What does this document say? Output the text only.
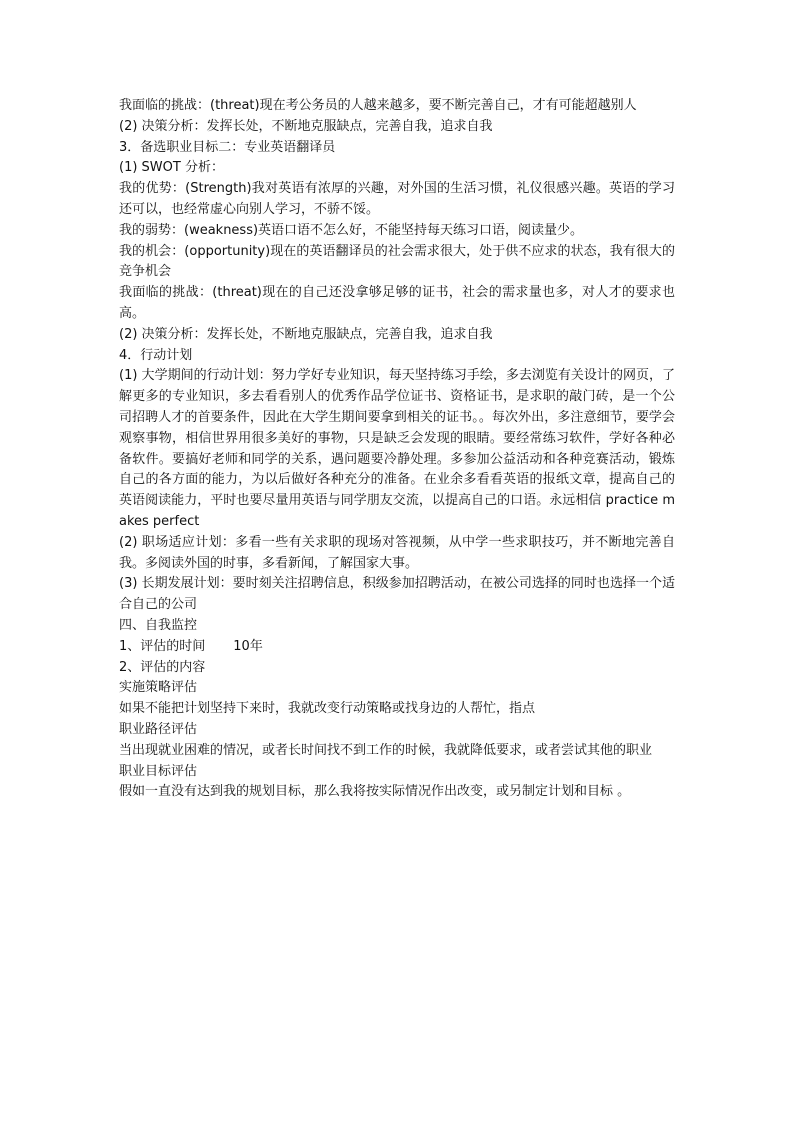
我面临的挑战：(threat)现在考公务员的人越来越多，要不断完善自己，才有可能超越别人

(2) 决策分析：发挥长处，不断地克服缺点，完善自我，追求自我

3．备选职业目标二：专业英语翻译员

(1) SWOT 分析：

我的优势：(Strength)我对英语有浓厚的兴趣，对外国的生活习惯，礼仪很感兴趣。英语的学习还可以，也经常虚心向别人学习，不骄不馁。

我的弱势：(weakness)英语口语不怎么好，不能坚持每天练习口语，阅读量少。

我的机会：(opportunity)现在的英语翻译员的社会需求很大，处于供不应求的状态，我有很大的竞争机会

我面临的挑战：(threat)现在的自己还没拿够足够的证书，社会的需求量也多，对人才的要求也高。

(2) 决策分析：发挥长处，不断地克服缺点，完善自我，追求自我

4．行动计划

(1) 大学期间的行动计划：努力学好专业知识，每天坚持练习手绘，多去浏览有关设计的网页，了解更多的专业知识，多去看看别人的优秀作品学位证书、资格证书，是求职的敲门砖，是一个公司招聘人才的首要条件，因此在大学生期间要拿到相关的证书。。每次外出，多注意细节，要学会观察事物，相信世界用很多美好的事物，只是缺乏会发现的眼睛。要经常练习软件，学好各种必备软件。要搞好老师和同学的关系，遇问题要冷静处理。多参加公益活动和各种竞赛活动，锻炼自己的各方面的能力，为以后做好各种充分的准备。在业余多看看英语的报纸文章，提高自己的英语阅读能力，平时也要尽量用英语与同学朋友交流，以提高自己的口语。永远相信 practice makes perfect

(2) 职场适应计划：多看一些有关求职的现场对答视频，从中学一些求职技巧，并不断地完善自我。多阅读外国的时事，多看新闻，了解国家大事。

(3) 长期发展计划：要时刻关注招聘信息，积级参加招聘活动，在被公司选择的同时也选择一个适合自己的公司

四、自我监控

1、评估的时间 10年

2、评估的内容

实施策略评估

如果不能把计划坚持下来时，我就改变行动策略或找身边的人帮忙，指点

职业路径评估

当出现就业困难的情况，或者长时间找不到工作的时候，我就降低要求，或者尝试其他的职业

职业目标评估

假如一直没有达到我的规划目标，那么我将按实际情况作出改变，或另制定计划和目标 。
